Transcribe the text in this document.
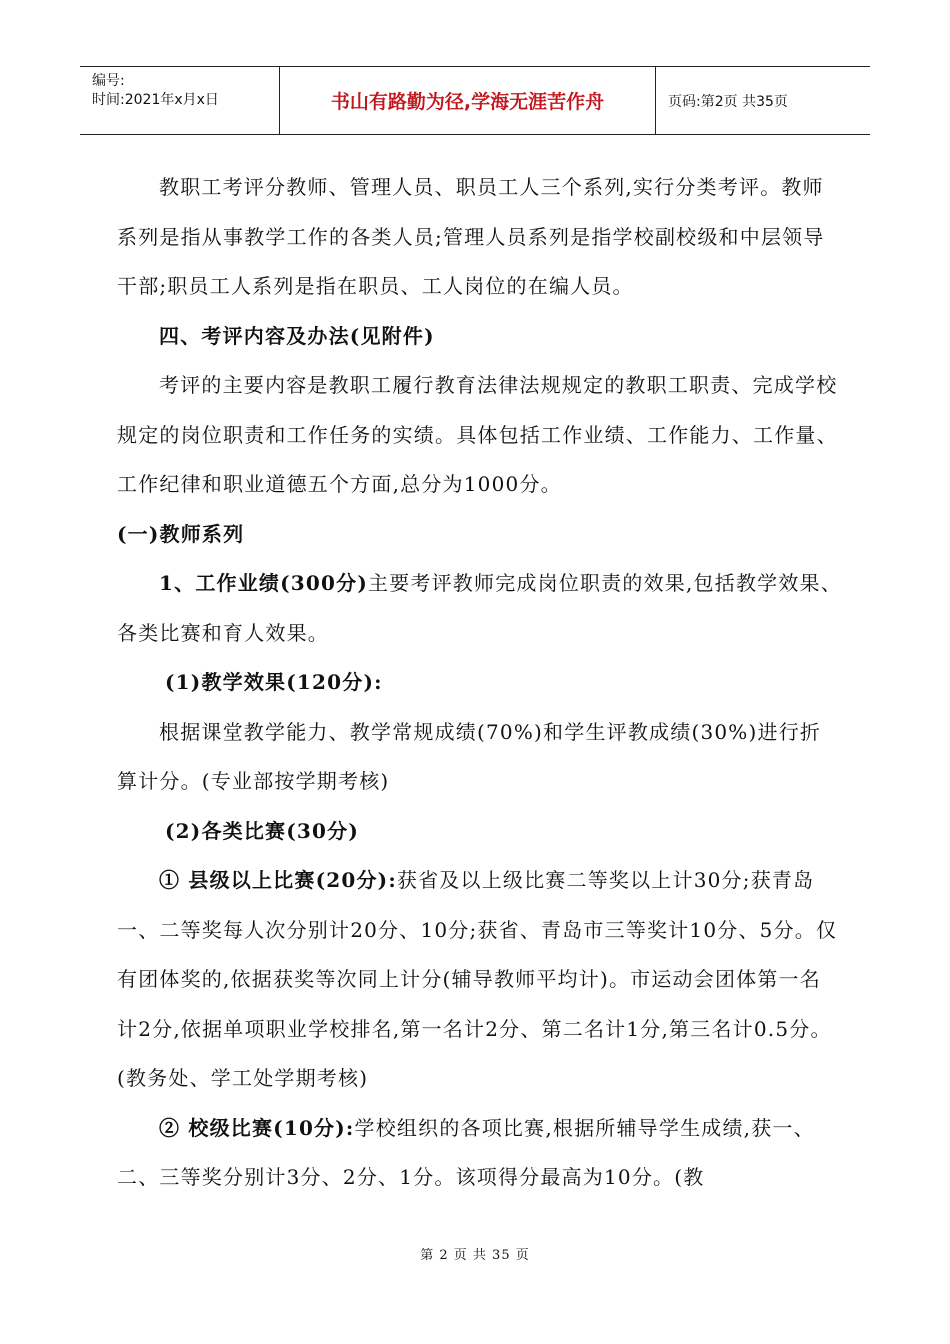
编号:
时间:2021年x月x日	书山有路勤为径,学海无涯苦作舟	页码:第2页 共35页

教职工考评分教师、管理人员、职员工人三个系列,实行分类考评。教师系列是指从事教学工作的各类人员;管理人员系列是指学校副校级和中层领导干部;职员工人系列是指在职员、工人岗位的在编人员。

四、考评内容及办法(见附件)

考评的主要内容是教职工履行教育法律法规规定的教职工职责、完成学校规定的岗位职责和工作任务的实绩。具体包括工作业绩、工作能力、工作量、工作纪律和职业道德五个方面,总分为1000分。

(一)教师系列

1、工作业绩(300分)主要考评教师完成岗位职责的效果,包括教学效果、各类比赛和育人效果。

(1)教学效果(120分):

根据课堂教学能力、教学常规成绩(70%)和学生评教成绩(30%)进行折算计分。(专业部按学期考核)

(2)各类比赛(30分)

① 县级以上比赛(20分):获省及以上级比赛二等奖以上计30分;获青岛一、二等奖每人次分别计20分、10分;获省、青岛市三等奖计10分、5分。仅有团体奖的,依据获奖等次同上计分(辅导教师平均计)。市运动会团体第一名计2分,依据单项职业学校排名,第一名计2分、第二名计1分,第三名计0.5分。(教务处、学工处学期考核)

② 校级比赛(10分):学校组织的各项比赛,根据所辅导学生成绩,获一、二、三等奖分别计3分、2分、1分。该项得分最高为10分。(教

第 2 页 共 35 页
